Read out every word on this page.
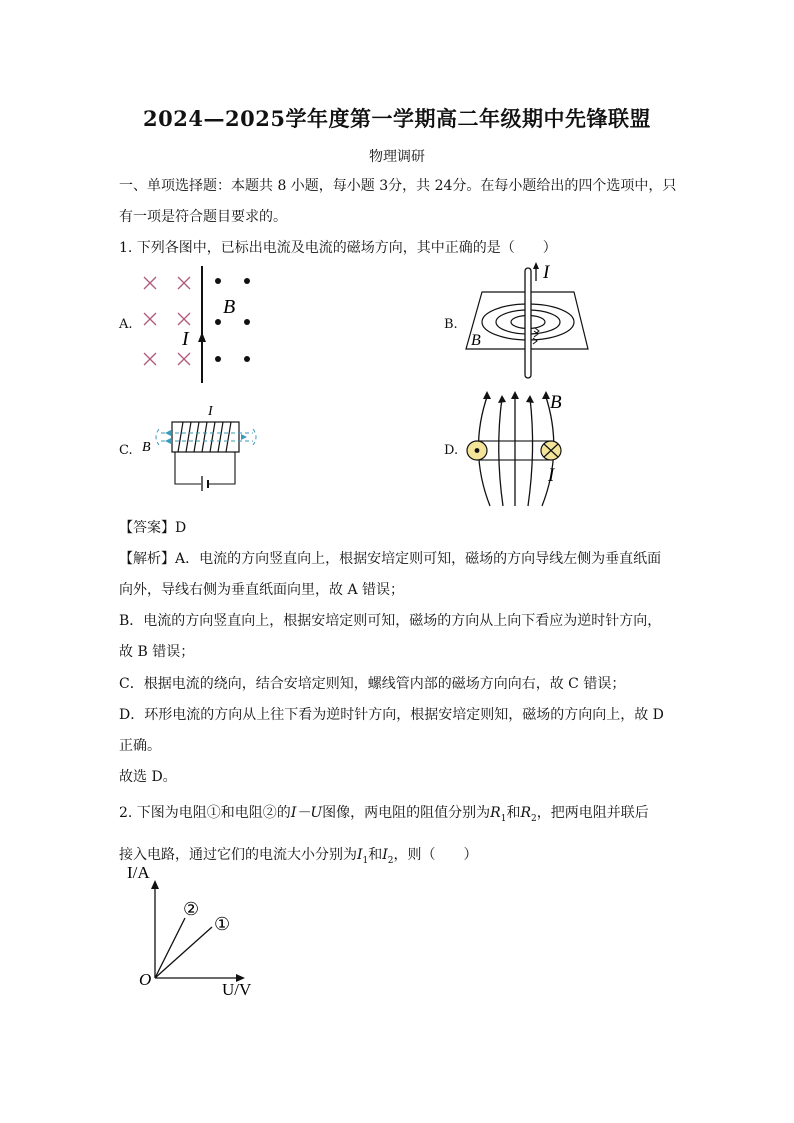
2024—2025学年度第一学期高二年级期中先锋联盟
物理调研
一、单项选择题：本题共 8 小题，每小题 3分，共 24分。在每小题给出的四个选项中，只
有一项是符合题目要求的。
1. 下列各图中，已标出电流及电流的磁场方向，其中正确的是（　　）
A.
B
I
B.
I
B
C.
I
B	D.
B
I
【答案】D
【解析】A．电流的方向竖直向上，根据安培定则可知，磁场的方向导线左侧为垂直纸面
向外，导线右侧为垂直纸面向里，故 A 错误；
B．电流的方向竖直向上，根据安培定则可知，磁场的方向从上向下看应为逆时针方向，
故 B 错误；
C．根据电流的绕向，结合安培定则知，螺线管内部的磁场方向向右，故 C 错误；
D．环形电流的方向从上往下看为逆时针方向，根据安培定则知，磁场的方向向上，故 D
正确。
故选 D。
2. 下图为电阻①和电阻②的I－U图像，两电阻的阻值分别为$R_1$和$R_2$，把两电阻并联后
接入电路，通过它们的电流大小分别为$I_1$和$I_2$，则（　　）
I/A
O
U/V
②
①
